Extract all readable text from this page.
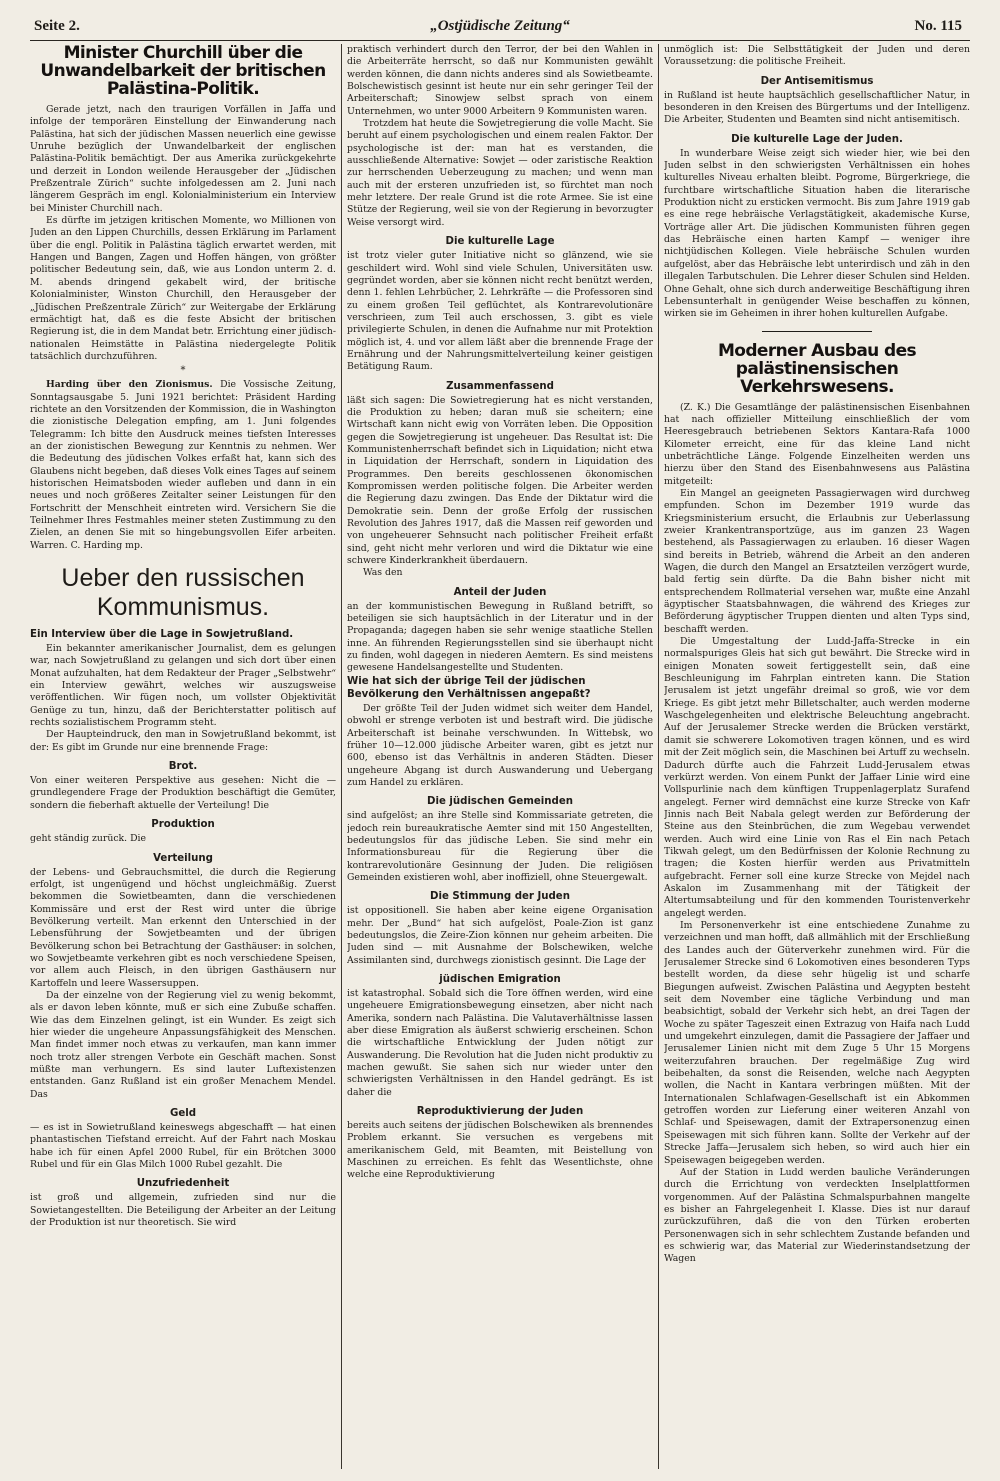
Seite 2.	„Ostjüdische Zeitung“	No. 115
Minister Churchill über die Unwandelbarkeit der britischen Palästina-Politik.

Gerade jetzt, nach den traurigen Vorfällen in Jaffa und infolge der temporären Einstellung der Einwanderung nach Palästina, hat sich der jüdischen Massen neuerlich eine gewisse Unruhe bezüglich der Unwandelbarkeit der englischen Palästina-Politik bemächtigt. Der aus Amerika zurückgekehrte und derzeit in London weilende Herausgeber der „Jüdischen Preßzentrale Zürich“ suchte infolgedessen am 2. Juni nach längerem Gespräch im engl. Kolonialministerium ein Interview bei Minister Churchill nach.

Es dürfte im jetzigen kritischen Momente, wo Millionen von Juden an den Lippen Churchills, dessen Erklärung im Parlament über die engl. Politik in Palästina täglich erwartet werden, mit Hangen und Bangen, Zagen und Hoffen hängen, von größter politischer Bedeutung sein, daß, wie aus London unterm 2. d. M. abends dringend gekabelt wird, der britische Kolonialminister, Winston Churchill, den Herausgeber der „Jüdischen Preßzentrale Zürich“ zur Weitergabe der Erklärung ermächtigt hat, daß es die feste Absicht der britischen Regierung ist, die in dem Mandat betr. Errichtung einer jüdisch-nationalen Heimstätte in Palästina niedergelegte Politik tatsächlich durchzuführen.

*

Harding über den Zionismus. Die Vossische Zeitung, Sonntagsausgabe 5. Juni 1921 berichtet: Präsident Harding richtete an den Vorsitzenden der Kommission, die in Washington die zionistische Delegation empfing, am 1. Juni folgendes Telegramm: Ich bitte den Ausdruck meines tiefsten Interesses an der zionistischen Bewegung zur Kenntnis zu nehmen. Wer die Bedeutung des jüdischen Volkes erfaßt hat, kann sich des Glaubens nicht begeben, daß dieses Volk eines Tages auf seinem historischen Heimatsboden wieder aufleben und dann in ein neues und noch größeres Zeitalter seiner Leistungen für den Fortschritt der Menschheit eintreten wird. Versichern Sie die Teilnehmer Ihres Festmahles meiner steten Zustimmung zu den Zielen, an denen Sie mit so hingebungsvollen Eifer arbeiten. Warren. C. Harding mp.

Ueber den russischen Kommunismus.
Ein Interview über die Lage in Sowjetrußland.

Ein bekannter amerikanischer Journalist, dem es gelungen war, nach Sowjetrußland zu gelangen und sich dort über einen Monat aufzuhalten, hat dem Redakteur der Prager „Selbstwehr“ ein Interview gewährt, welches wir auszugsweise veröffentlichen. Wir fügen noch, um vollster Objektivität Genüge zu tun, hinzu, daß der Berichterstatter politisch auf rechts sozialistischem Programm steht.

Der Haupteindruck, den man in Sowjetrußland bekommt, ist der: Es gibt im Grunde nur eine brennende Frage:

Brot.

Von einer weiteren Perspektive aus gesehen: Nicht die — grundlegendere Frage der Produktion beschäftigt die Gemüter, sondern die fieberhaft aktuelle der Verteilung! Die

Produktion

geht ständig zurück. Die

Verteilung

der Lebens- und Gebrauchsmittel, die durch die Regierung erfolgt, ist ungenügend und höchst ungleichmäßig. Zuerst bekommen die Sowietbeamten, dann die verschiedenen Kommissäre und erst der Rest wird unter die übrige Bevölkerung verteilt. Man erkennt den Unterschied in der Lebensführung der Sowjetbeamten und der übrigen Bevölkerung schon bei Betrachtung der Gasthäuser: in solchen, wo Sowjetbeamte verkehren gibt es noch verschiedene Speisen, vor allem auch Fleisch, in den übrigen Gasthäusern nur Kartoffeln und leere Wassersuppen.

Da der einzelne von der Regierung viel zu wenig bekommt, als er davon leben könnte, muß er sich eine Zubuße schaffen. Wie das dem Einzelnen gelingt, ist ein Wunder. Es zeigt sich hier wieder die ungeheure Anpassungsfähigkeit des Menschen. Man findet immer noch etwas zu verkaufen, man kann immer noch trotz aller strengen Verbote ein Geschäft machen. Sonst müßte man verhungern. Es sind lauter Luftexistenzen entstanden. Ganz Rußland ist ein großer Menachem Mendel. Das

Geld

— es ist in Sowietrußland keineswegs abgeschafft — hat einen phantastischen Tiefstand erreicht. Auf der Fahrt nach Moskau habe ich für einen Apfel 2000 Rubel, für ein Brötchen 3000 Rubel und für ein Glas Milch 1000 Rubel gezahlt. Die

Unzufriedenheit

ist groß und allgemein, zufrieden sind nur die Sowietangestellten. Die Beteiligung der Arbeiter an der Leitung der Produktion ist nur theoretisch. Sie wird

praktisch verhindert durch den Terror, der bei den Wahlen in die Arbeiterräte herrscht, so daß nur Kommunisten gewählt werden können, die dann nichts anderes sind als Sowietbeamte. Bolschewistisch gesinnt ist heute nur ein sehr geringer Teil der Arbeiterschaft; Sinowjew selbst sprach von einem Unternehmen, wo unter 9000 Arbeitern 9 Kommunisten waren.

Trotzdem hat heute die Sowjetregierung die volle Macht. Sie beruht auf einem psychologischen und einem realen Faktor. Der psychologische ist der: man hat es verstanden, die ausschließende Alternative: Sowjet — oder zaristische Reaktion zur herrschenden Ueberzeugung zu machen; und wenn man auch mit der ersteren unzufrieden ist, so fürchtet man noch mehr letztere. Der reale Grund ist die rote Armee. Sie ist eine Stütze der Regierung, weil sie von der Regierung in bevorzugter Weise versorgt wird.

Die kulturelle Lage

ist trotz vieler guter Initiative nicht so glänzend, wie sie geschildert wird. Wohl sind viele Schulen, Universitäten usw. gegründet worden, aber sie können nicht recht benützt werden, denn 1. fehlen Lehrbücher, 2. Lehrkräfte — die Professoren sind zu einem großen Teil geflüchtet, als Kontrarevolutionäre verschrieen, zum Teil auch erschossen, 3. gibt es viele privilegierte Schulen, in denen die Aufnahme nur mit Protektion möglich ist, 4. und vor allem läßt aber die brennende Frage der Ernährung und der Nahrungsmittelverteilung keiner geistigen Betätigung Raum.

Zusammenfassend

läßt sich sagen: Die Sowietregierung hat es nicht verstanden, die Produktion zu heben; daran muß sie scheitern; eine Wirtschaft kann nicht ewig von Vorräten leben. Die Opposition gegen die Sowjetregierung ist ungeheuer. Das Resultat ist: Die Kommunistenherrschaft befindet sich in Liquidation; nicht etwa in Liquidation der Herrschaft, sondern in Liquidation des Programmes. Den bereits geschlossenen ökonomischen Kompromissen werden politische folgen. Die Arbeiter werden die Regierung dazu zwingen. Das Ende der Diktatur wird die Demokratie sein. Denn der große Erfolg der russischen Revolution des Jahres 1917, daß die Massen reif geworden und von ungeheuerer Sehnsucht nach politischer Freiheit erfaßt sind, geht nicht mehr verloren und wird die Diktatur wie eine schwere Kinderkrankheit überdauern.

Was den

Anteil der Juden

an der kommunistischen Bewegung in Rußland betrifft, so beteiligen sie sich hauptsächlich in der Literatur und in der Propaganda; dagegen haben sie sehr wenige staatliche Stellen inne. An führenden Regierungsstellen sind sie überhaupt nicht zu finden, wohl dagegen in niederen Aemtern. Es sind meistens gewesene Handelsangestellte und Studenten.

Wie hat sich der übrige Teil der jüdischen Bevölkerung den Verhältnissen angepaßt?

Der größte Teil der Juden widmet sich weiter dem Handel, obwohl er strenge verboten ist und bestraft wird. Die jüdische Arbeiterschaft ist beinahe verschwunden. In Wittebsk, wo früher 10—12.000 jüdische Arbeiter waren, gibt es jetzt nur 600, ebenso ist das Verhältnis in anderen Städten. Dieser ungeheure Abgang ist durch Auswanderung und Uebergang zum Handel zu erklären.

Die jüdischen Gemeinden

sind aufgelöst; an ihre Stelle sind Kommissariate getreten, die jedoch rein bureaukratische Aemter sind mit 150 Angestellten, bedeutungslos für das jüdische Leben. Sie sind mehr ein Informationsbureau für die Regierung über die kontrarevolutionäre Gesinnung der Juden. Die religiösen Gemeinden existieren wohl, aber inoffiziell, ohne Steuergewalt.

Die Stimmung der Juden

ist oppositionell. Sie haben aber keine eigene Organisation mehr. Der „Bund“ hat sich aufgelöst, Poale-Zion ist ganz bedeutungslos, die Zeire-Zion können nur geheim arbeiten. Die Juden sind — mit Ausnahme der Bolschewiken, welche Assimilanten sind, durchwegs zionistisch gesinnt. Die Lage der

jüdischen Emigration

ist katastrophal. Sobald sich die Tore öffnen werden, wird eine ungeheuere Emigrationsbewegung einsetzen, aber nicht nach Amerika, sondern nach Palästina. Die Valutaverhältnisse lassen aber diese Emigration als äußerst schwierig erscheinen. Schon die wirtschaftliche Entwicklung der Juden nötigt zur Auswanderung. Die Revolution hat die Juden nicht produktiv zu machen gewußt. Sie sahen sich nur wieder unter den schwierigsten Verhältnissen in den Handel gedrängt. Es ist daher die

Reproduktivierung der Juden

bereits auch seitens der jüdischen Bolschewiken als brennendes Problem erkannt. Sie versuchen es vergebens mit amerikanischem Geld, mit Beamten, mit Beistellung von Maschinen zu erreichen. Es fehlt das Wesentlichste, ohne welche eine Reproduktivierung

unmöglich ist: Die Selbsttätigkeit der Juden und deren Voraussetzung: die politische Freiheit.

Der Antisemitismus

in Rußland ist heute hauptsächlich gesellschaftlicher Natur, in besonderen in den Kreisen des Bürgertums und der Intelligenz. Die Arbeiter, Studenten und Beamten sind nicht antisemitisch.

Die kulturelle Lage der Juden.

In wunderbare Weise zeigt sich wieder hier, wie bei den Juden selbst in den schwierigsten Verhältnissen ein hohes kulturelles Niveau erhalten bleibt. Pogrome, Bürgerkriege, die furchtbare wirtschaftliche Situation haben die literarische Produktion nicht zu ersticken vermocht. Bis zum Jahre 1919 gab es eine rege hebräische Verlagstätigkeit, akademische Kurse, Vorträge aller Art. Die jüdischen Kommunisten führen gegen das Hebräische einen harten Kampf — weniger ihre nichtjüdischen Kollegen. Viele hebräische Schulen wurden aufgelöst, aber das Hebräische lebt unterirdisch und zäh in den illegalen Tarbutschulen. Die Lehrer dieser Schulen sind Helden. Ohne Gehalt, ohne sich durch anderweitige Beschäftigung ihren Lebensunterhalt in genügender Weise beschaffen zu können, wirken sie im Geheimen in ihrer hohen kulturellen Aufgabe.

Moderner Ausbau des palästinensischen Verkehrswesens.

(Z. K.) Die Gesamtlänge der palästinensischen Eisenbahnen hat nach offizieller Mitteilung einschließlich der vom Heeresgebrauch betriebenen Sektors Kantara-Rafa 1000 Kilometer erreicht, eine für das kleine Land nicht unbeträchtliche Länge. Folgende Einzelheiten werden uns hierzu über den Stand des Eisenbahnwesens aus Palästina mitgeteilt:

Ein Mangel an geeigneten Passagierwagen wird durchweg empfunden. Schon im Dezember 1919 wurde das Kriegsministerium ersucht, die Erlaubnis zur Ueberlassung zweier Krankentransportzüge, aus im ganzen 23 Wagen bestehend, als Passagierwagen zu erlauben. 16 dieser Wagen sind bereits in Betrieb, während die Arbeit an den anderen Wagen, die durch den Mangel an Ersatzteilen verzögert wurde, bald fertig sein dürfte. Da die Bahn bisher nicht mit entsprechendem Rollmaterial versehen war, mußte eine Anzahl ägyptischer Staatsbahnwagen, die während des Krieges zur Beförderung ägyptischer Truppen dienten und alten Typs sind, beschafft werden.

Die Umgestaltung der Ludd-Jaffa-Strecke in ein normalspuriges Gleis hat sich gut bewährt. Die Strecke wird in einigen Monaten soweit fertiggestellt sein, daß eine Beschleunigung im Fahrplan eintreten kann. Die Station Jerusalem ist jetzt ungefähr dreimal so groß, wie vor dem Kriege. Es gibt jetzt mehr Billetschalter, auch werden moderne Waschgelegenheiten und elektrische Beleuchtung angebracht. Auf der Jerusalemer Strecke werden die Brücken verstärkt, damit sie schwerere Lokomotiven tragen können, und es wird mit der Zeit möglich sein, die Maschinen bei Artuff zu wechseln. Dadurch dürfte auch die Fahrzeit Ludd-Jerusalem etwas verkürzt werden. Von einem Punkt der Jaffaer Linie wird eine Vollspurlinie nach dem künftigen Truppenlagerplatz Surafend angelegt. Ferner wird demnächst eine kurze Strecke von Kafr Jinnis nach Beit Nabala gelegt werden zur Beförderung der Steine aus den Steinbrüchen, die zum Wegebau verwendet werden. Auch wird eine Linie von Ras el Ein nach Petach Tikwah gelegt, um den Bedürfnissen der Kolonie Rechnung zu tragen; die Kosten hierfür werden aus Privatmitteln aufgebracht. Ferner soll eine kurze Strecke von Mejdel nach Askalon im Zusammenhang mit der Tätigkeit der Altertumsabteilung und für den kommenden Touristenverkehr angelegt werden.

Im Personenverkehr ist eine entschiedene Zunahme zu verzeichnen und man hofft, daß allmählich mit der Erschließung des Landes auch der Güterverkehr zunehmen wird. Für die Jerusalemer Strecke sind 6 Lokomotiven eines besonderen Typs bestellt worden, da diese sehr hügelig ist und scharfe Biegungen aufweist. Zwischen Palästina und Aegypten besteht seit dem November eine tägliche Verbindung und man beabsichtigt, sobald der Verkehr sich hebt, an drei Tagen der Woche zu später Tageszeit einen Extrazug von Haifa nach Ludd und umgekehrt einzulegen, damit die Passagiere der Jaffaer und Jerusalemer Linien nicht mit dem Zuge 5 Uhr 15 Morgens weiterzufahren brauchen. Der regelmäßige Zug wird beibehalten, da sonst die Reisenden, welche nach Aegypten wollen, die Nacht in Kantara verbringen müßten. Mit der Internationalen Schlafwagen-Gesellschaft ist ein Abkommen getroffen worden zur Lieferung einer weiteren Anzahl von Schlaf- und Speisewagen, damit der Extrapersonenzug einen Speisewagen mit sich führen kann. Sollte der Verkehr auf der Strecke Jaffa—Jerusalem sich heben, so wird auch hier ein Speisewagen beigegeben werden.

Auf der Station in Ludd werden bauliche Veränderungen durch die Errichtung von verdeckten Inselplattformen vorgenommen. Auf der Palästina Schmalspurbahnen mangelte es bisher an Fahrgelegenheit I. Klasse. Dies ist nur darauf zurückzuführen, daß die von den Türken eroberten Personenwagen sich in sehr schlechtem Zustande befanden und es schwierig war, das Material zur Wiederinstandsetzung der Wagen
